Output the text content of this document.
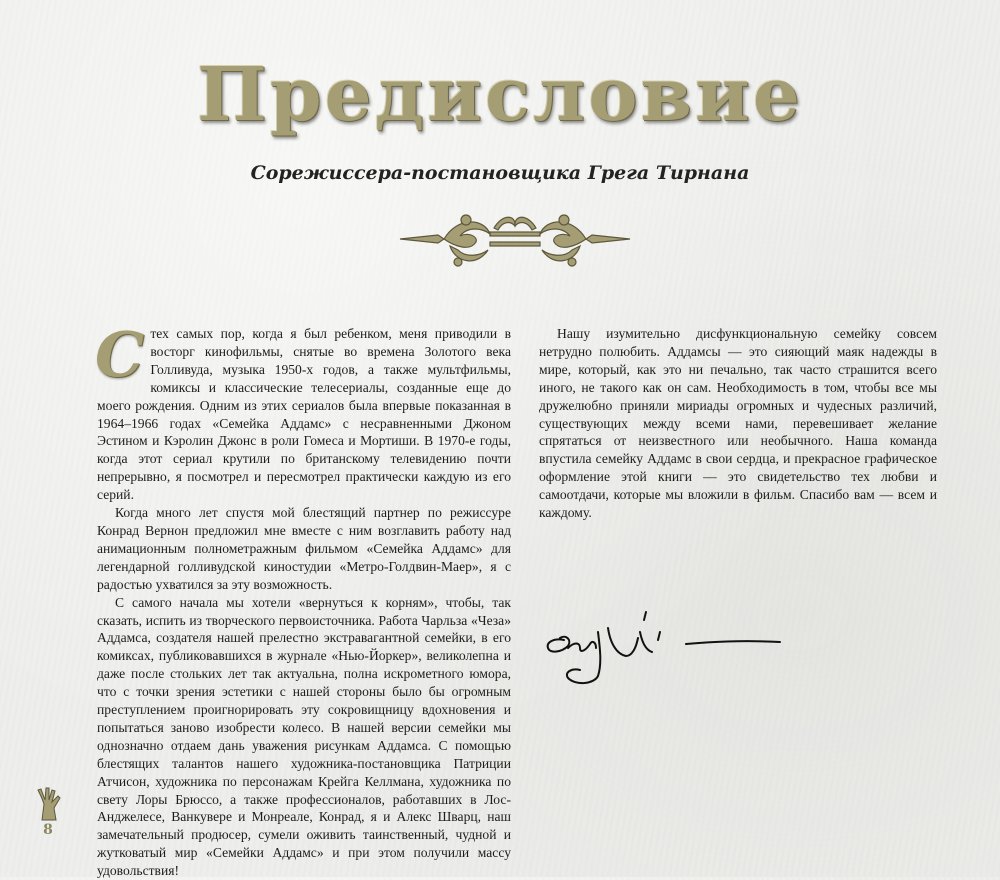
Предисловие
Сорежиссера-постановщика Грега Тирнана

С тех самых пор, когда я был ребенком, меня приводили в восторг кинофильмы, снятые во времена Золотого века Голливуда, музыка 1950-х годов, а также мультфильмы, комиксы и классические телесериалы, созданные еще до моего рождения. Одним из этих сериалов была впервые показанная в 1964–1966 годах «Семейка Аддамс» с несравненными Джоном Эстином и Кэролин Джонс в роли Гомеса и Мортиши. В 1970-е годы, когда этот сериал крутили по британскому телевидению почти непрерывно, я посмотрел и пересмотрел практически каждую из его серий.

Когда много лет спустя мой блестящий партнер по режиссуре Конрад Вернон предложил мне вместе с ним возглавить работу над анимационным полнометражным фильмом «Семейка Аддамс» для легендарной голливудской киностудии «Метро-Голдвин-Маер», я с радостью ухватился за эту возможность.

С самого начала мы хотели «вернуться к корням», чтобы, так сказать, испить из творческого первоисточника. Работа Чарльза «Чеза» Аддамса, создателя нашей прелестно экстравагантной семейки, в его комиксах, публиковавшихся в журнале «Нью-Йоркер», великолепна и даже после стольких лет так актуальна, полна искрометного юмора, что с точки зрения эстетики с нашей стороны было бы огромным преступлением проигнорировать эту сокровищницу вдохновения и попытаться заново изобрести колесо. В нашей версии семейки мы однозначно отдаем дань уважения рисункам Аддамса. С помощью блестящих талантов нашего художника-постановщика Патриции Атчисон, художника по персонажам Крейга Келлмана, художника по свету Лоры Брюссо, а также профессионалов, работавших в Лос-Анджелесе, Ванкувере и Монреале, Конрад, я и Алекс Шварц, наш замечательный продюсер, сумели оживить таинственный, чудной и жутковатый мир «Семейки Аддамс» и при этом получили массу удовольствия!

Нашу изумительно дисфункциональную семейку совсем нетрудно полюбить. Аддамсы — это сияющий маяк надежды в мире, который, как это ни печально, так часто страшится всего иного, не такого как он сам. Необходимость в том, чтобы все мы дружелюбно приняли мириады огромных и чудесных различий, существующих между всеми нами, перевешивает желание спрятаться от неизвестного или необычного. Наша команда впустила семейку Аддамс в свои сердца, и прекрасное графическое оформление этой книги — это свидетельство тех любви и самоотдачи, которые мы вложили в фильм. Спасибо вам — всем и каждому.

8
